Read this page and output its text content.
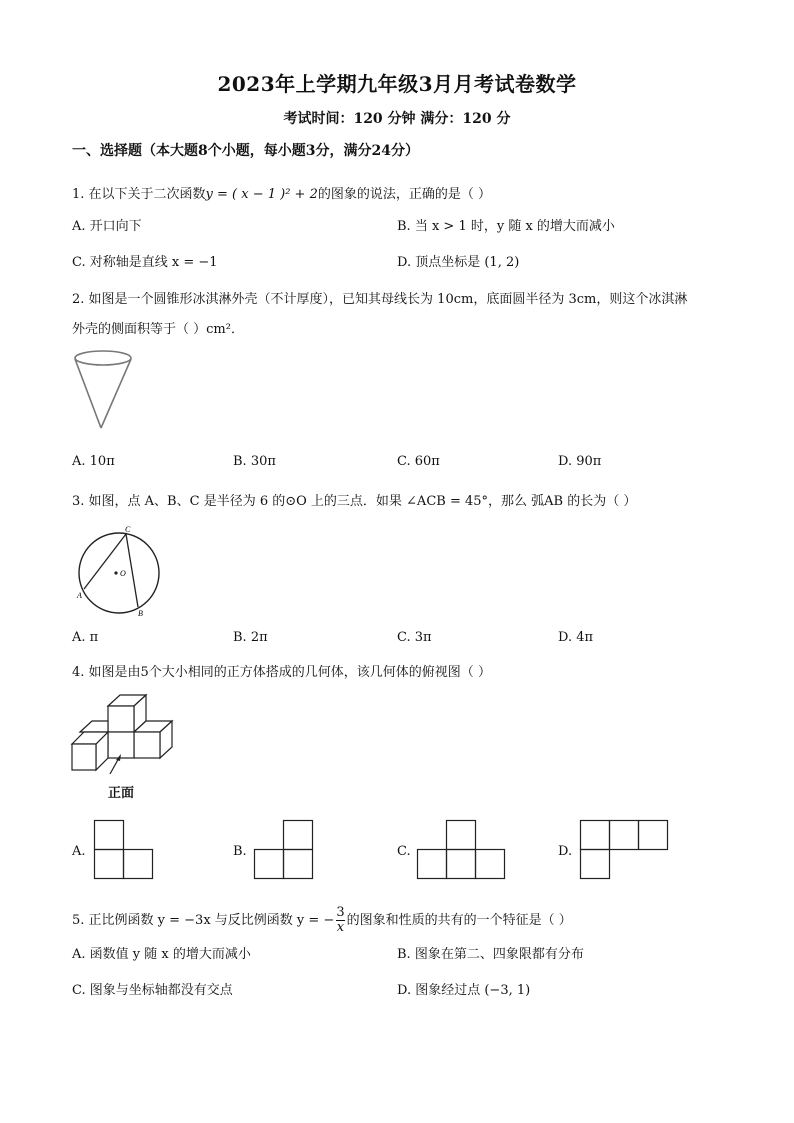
2023年上学期九年级3月月考试卷数学
考试时间：120 分钟 满分：120 分
一、选择题（本大题8个小题，每小题3分，满分24分）
1. 在以下关于二次函数y = ( x − 1 )² + 2的图象的说法，正确的是（ ）
A. 开口向下	B. 当 x > 1 时，y 随 x 的增大而减小
C. 对称轴是直线 x = −1	D. 顶点坐标是 (1, 2)
2. 如图是一个圆锥形冰淇淋外壳（不计厚度），已知其母线长为 10cm，底面圆半径为 3cm，则这个冰淇淋
外壳的侧面积等于（ ）cm²．
A. 10π	B. 30π	C. 60π	D. 90π
3. 如图，点 A、B、C 是半径为 6 的⊙O 上的三点．如果 ∠ACB = 45°，那么 弧AB 的长为（ ）
C
O
A
B
A. π	B. 2π	C. 3π	D. 4π
4. 如图是由5个大小相同的正方体搭成的几何体，该几何体的俯视图（ ）
正面
A.	B.	C.	D.
5. 正比例函数 y = −3x 与反比例函数 y = − $\frac{3}{x}$ 的图象和性质的共有的一个特征是（ ）
A. 函数值 y 随 x 的增大而减小	B. 图象在第二、四象限都有分布
C. 图象与坐标轴都没有交点	D. 图象经过点 (−3, 1)
